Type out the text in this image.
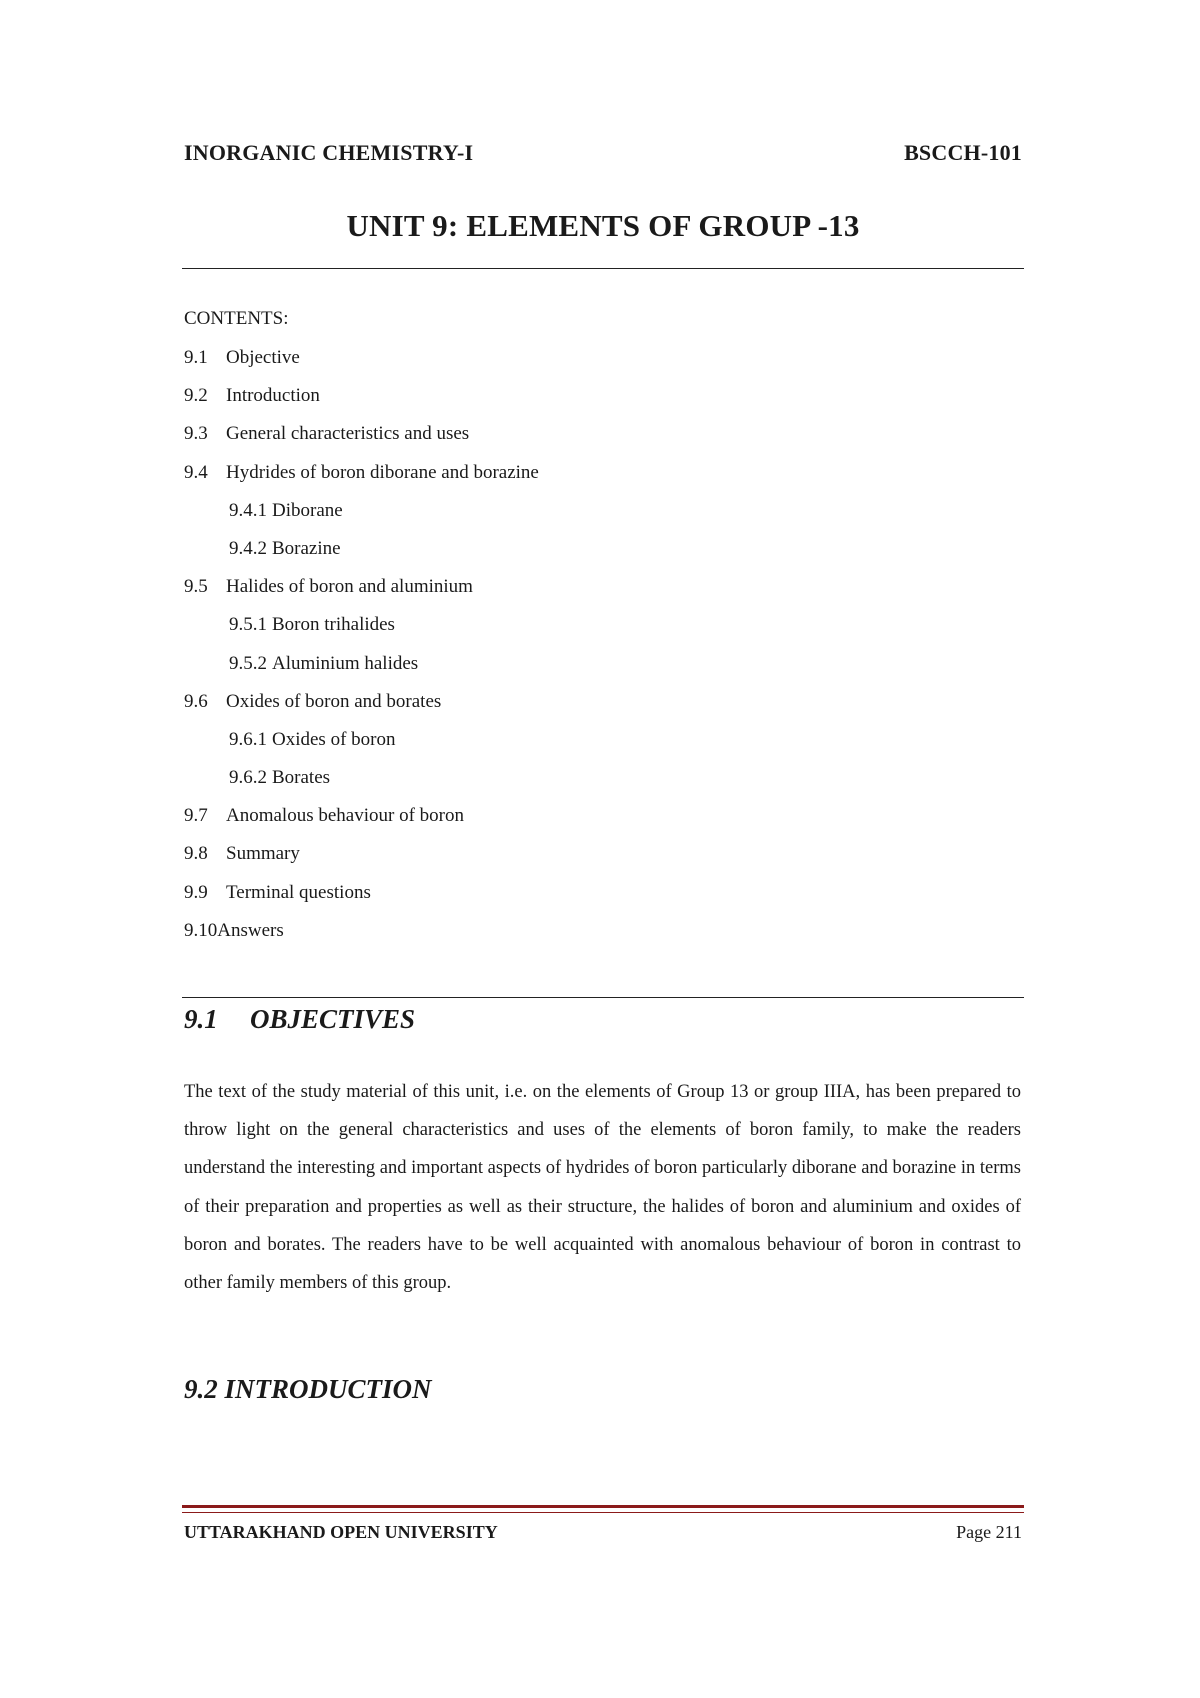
INORGANIC CHEMISTRY-I	BSCCH-101
UNIT 9: ELEMENTS OF GROUP -13
CONTENTS:
9.1 Objective
9.2 Introduction
9.3 General characteristics and uses
9.4 Hydrides of boron diborane and borazine
9.4.1 Diborane
9.4.2 Borazine
9.5 Halides of boron and aluminium
9.5.1 Boron trihalides
9.5.2 Aluminium halides
9.6 Oxides of boron and borates
9.6.1 Oxides of boron
9.6.2 Borates
9.7 Anomalous behaviour of boron
9.8 Summary
9.9 Terminal questions
9.10Answers
9.1 OBJECTIVES

The text of the study material of this unit, i.e. on the elements of Group 13 or group IIIA, has been prepared to throw light on the general characteristics and uses of the elements of boron family, to make the readers understand the interesting and important aspects of hydrides of boron particularly diborane and borazine in terms of their preparation and properties as well as their structure, the halides of boron and aluminium and oxides of boron and borates. The readers have to be well acquainted with anomalous behaviour of boron in contrast to other family members of this group.

9.2 INTRODUCTION
UTTARAKHAND OPEN UNIVERSITY	Page 211
